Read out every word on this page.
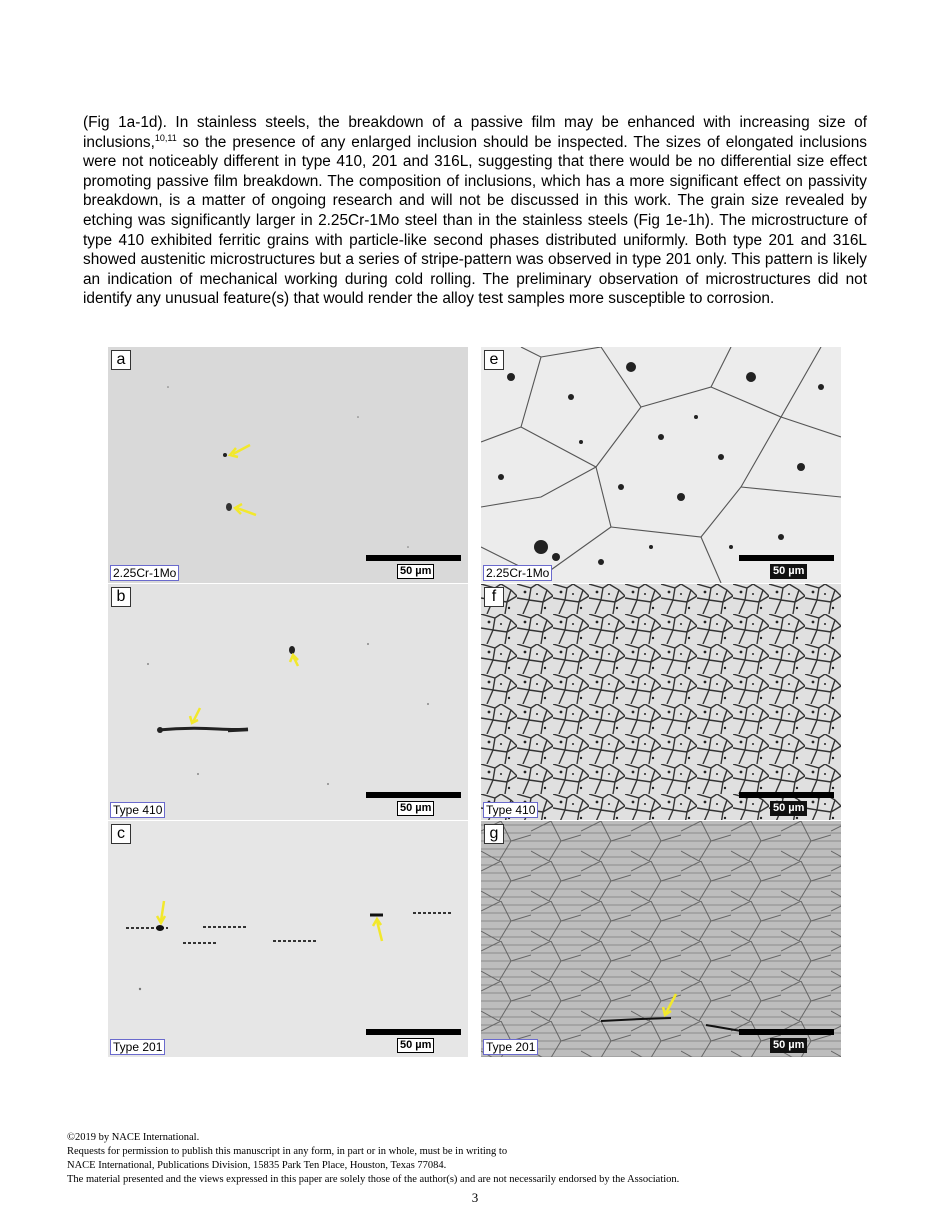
(Fig 1a-1d). In stainless steels, the breakdown of a passive film may be enhanced with increasing size of inclusions,$^{10,11}$ so the presence of any enlarged inclusion should be inspected. The sizes of elongated inclusions were not noticeably different in type 410, 201 and 316L, suggesting that there would be no differential size effect promoting passive film breakdown. The composition of inclusions, which has a more significant effect on passivity breakdown, is a matter of ongoing research and will not be discussed in this work. The grain size revealed by etching was significantly larger in 2.25Cr-1Mo steel than in the stainless steels (Fig 1e-1h). The microstructure of type 410 exhibited ferritic grains with particle-like second phases distributed uniformly. Both type 201 and 316L showed austenitic microstructures but a series of stripe-pattern was observed in type 201 only. This pattern is likely an indication of mechanical working during cold rolling. The preliminary observation of microstructures did not identify any unusual feature(s) that would render the alloy test samples more susceptible to corrosion.

a
2.25Cr-1Mo	50 µm
e
2.25Cr-1Mo	50 µm
b
Type 410	50 µm
f
Type 410	50 µm
c
Type 201	50 µm
g
Type 201	50 µm
©2019 by NACE International.
Requests for permission to publish this manuscript in any form, in part or in whole, must be in writing to
NACE International, Publications Division, 15835 Park Ten Place, Houston, Texas 77084.
The material presented and the views expressed in this paper are solely those of the author(s) and are not necessarily endorsed by the Association.
3
